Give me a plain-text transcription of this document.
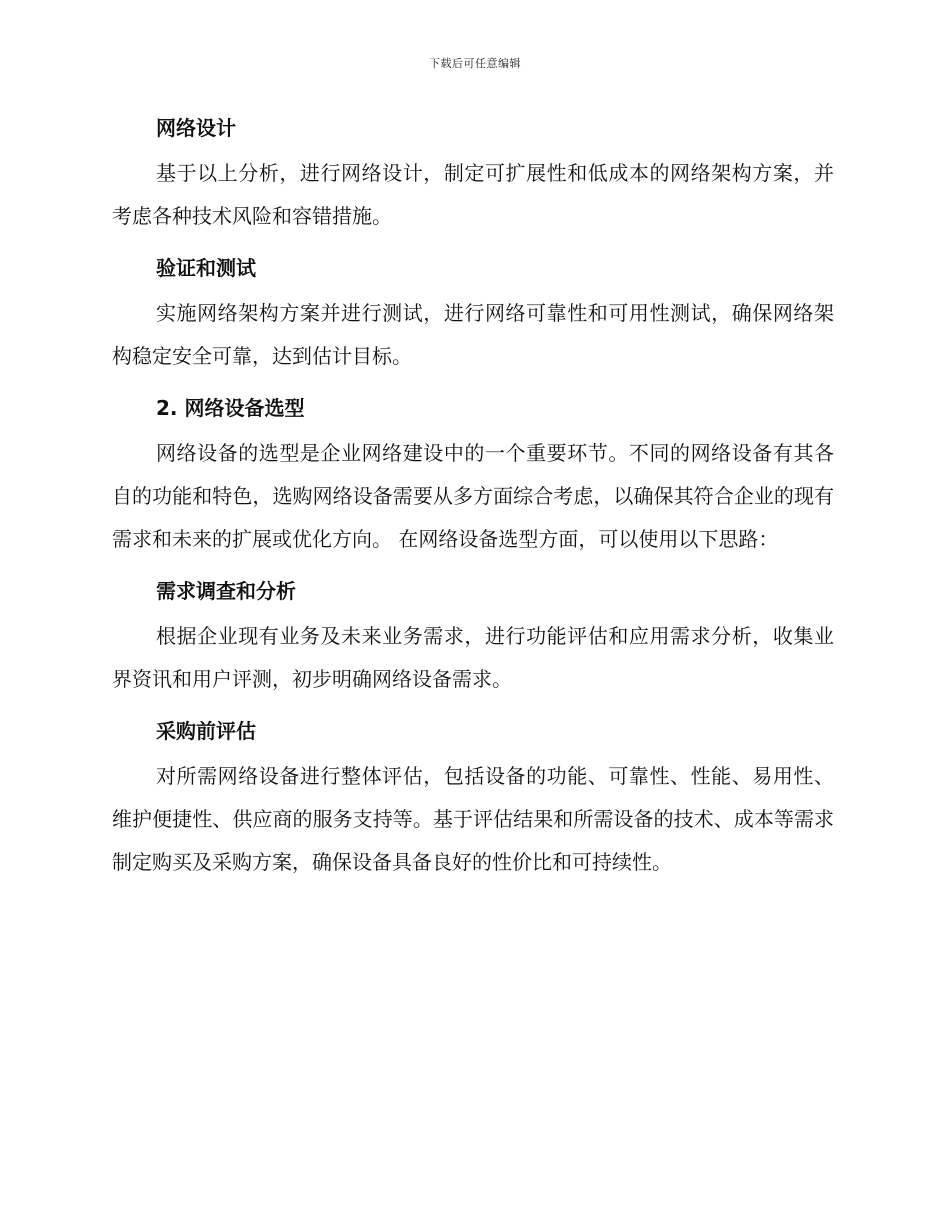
下载后可任意编辑
网络设计

基于以上分析，进行网络设计，制定可扩展性和低成本的网络架构方案，并考虑各种技术风险和容错措施。

验证和测试

实施网络架构方案并进行测试，进行网络可靠性和可用性测试，确保网络架构稳定安全可靠，达到估计目标。

2. 网络设备选型

网络设备的选型是企业网络建设中的一个重要环节。不同的网络设备有其各自的功能和特色，选购网络设备需要从多方面综合考虑，以确保其符合企业的现有需求和未来的扩展或优化方向。 在网络设备选型方面，可以使用以下思路：

需求调查和分析

根据企业现有业务及未来业务需求，进行功能评估和应用需求分析，收集业界资讯和用户评测，初步明确网络设备需求。

采购前评估

对所需网络设备进行整体评估，包括设备的功能、可靠性、性能、易用性、维护便捷性、供应商的服务支持等。基于评估结果和所需设备的技术、成本等需求制定购买及采购方案，确保设备具备良好的性价比和可持续性。
